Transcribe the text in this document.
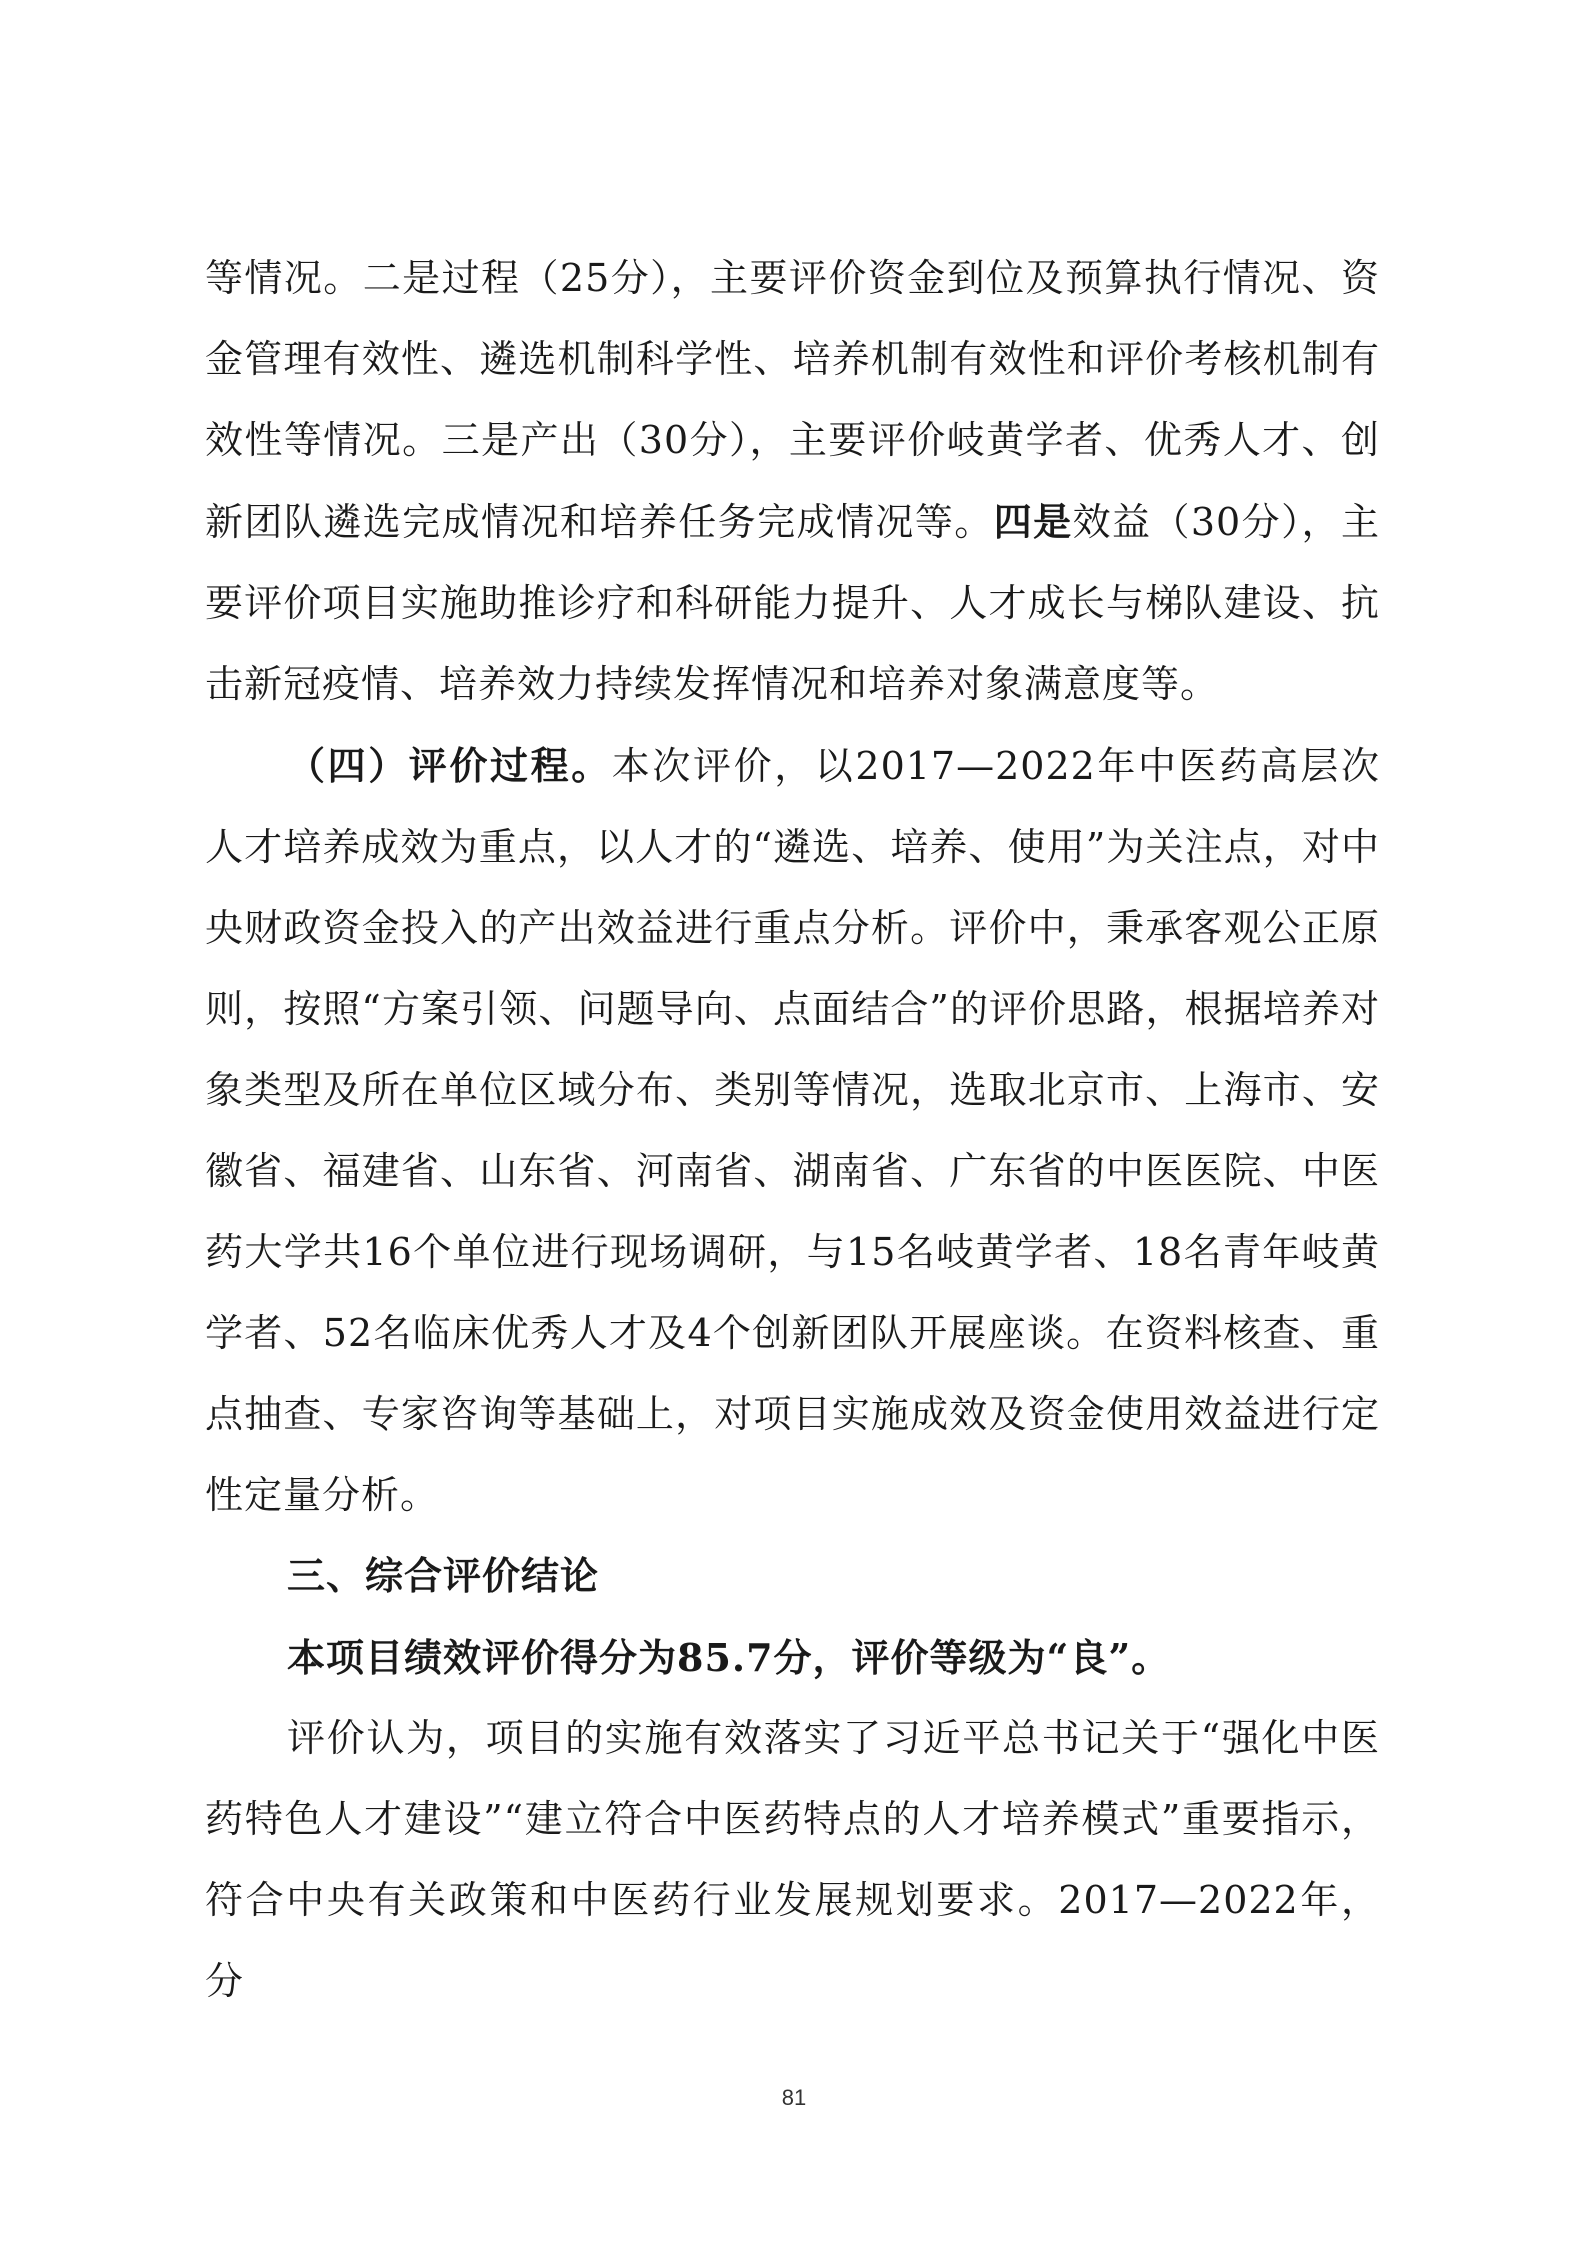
等情况。二是过程（25分），主要评价资金到位及预算执行情况、资金管理有效性、遴选机制科学性、培养机制有效性和评价考核机制有效性等情况。三是产出（30分），主要评价岐黄学者、优秀人才、创新团队遴选完成情况和培养任务完成情况等。四是效益（30分），主要评价项目实施助推诊疗和科研能力提升、人才成长与梯队建设、抗击新冠疫情、培养效力持续发挥情况和培养对象满意度等。

（四）评价过程。本次评价，以2017—2022年中医药高层次人才培养成效为重点，以人才的“遴选、培养、使用”为关注点，对中央财政资金投入的产出效益进行重点分析。评价中，秉承客观公正原则，按照“方案引领、问题导向、点面结合”的评价思路，根据培养对象类型及所在单位区域分布、类别等情况，选取北京市、上海市、安徽省、福建省、山东省、河南省、湖南省、广东省的中医医院、中医药大学共16个单位进行现场调研，与15名岐黄学者、18名青年岐黄学者、52名临床优秀人才及4个创新团队开展座谈。在资料核查、重点抽查、专家咨询等基础上，对项目实施成效及资金使用效益进行定性定量分析。

三、综合评价结论

本项目绩效评价得分为85.7分，评价等级为“良”。

评价认为，项目的实施有效落实了习近平总书记关于“强化中医药特色人才建设”“建立符合中医药特点的人才培养模式”重要指示，符合中央有关政策和中医药行业发展规划要求。2017—2022年，分

81
